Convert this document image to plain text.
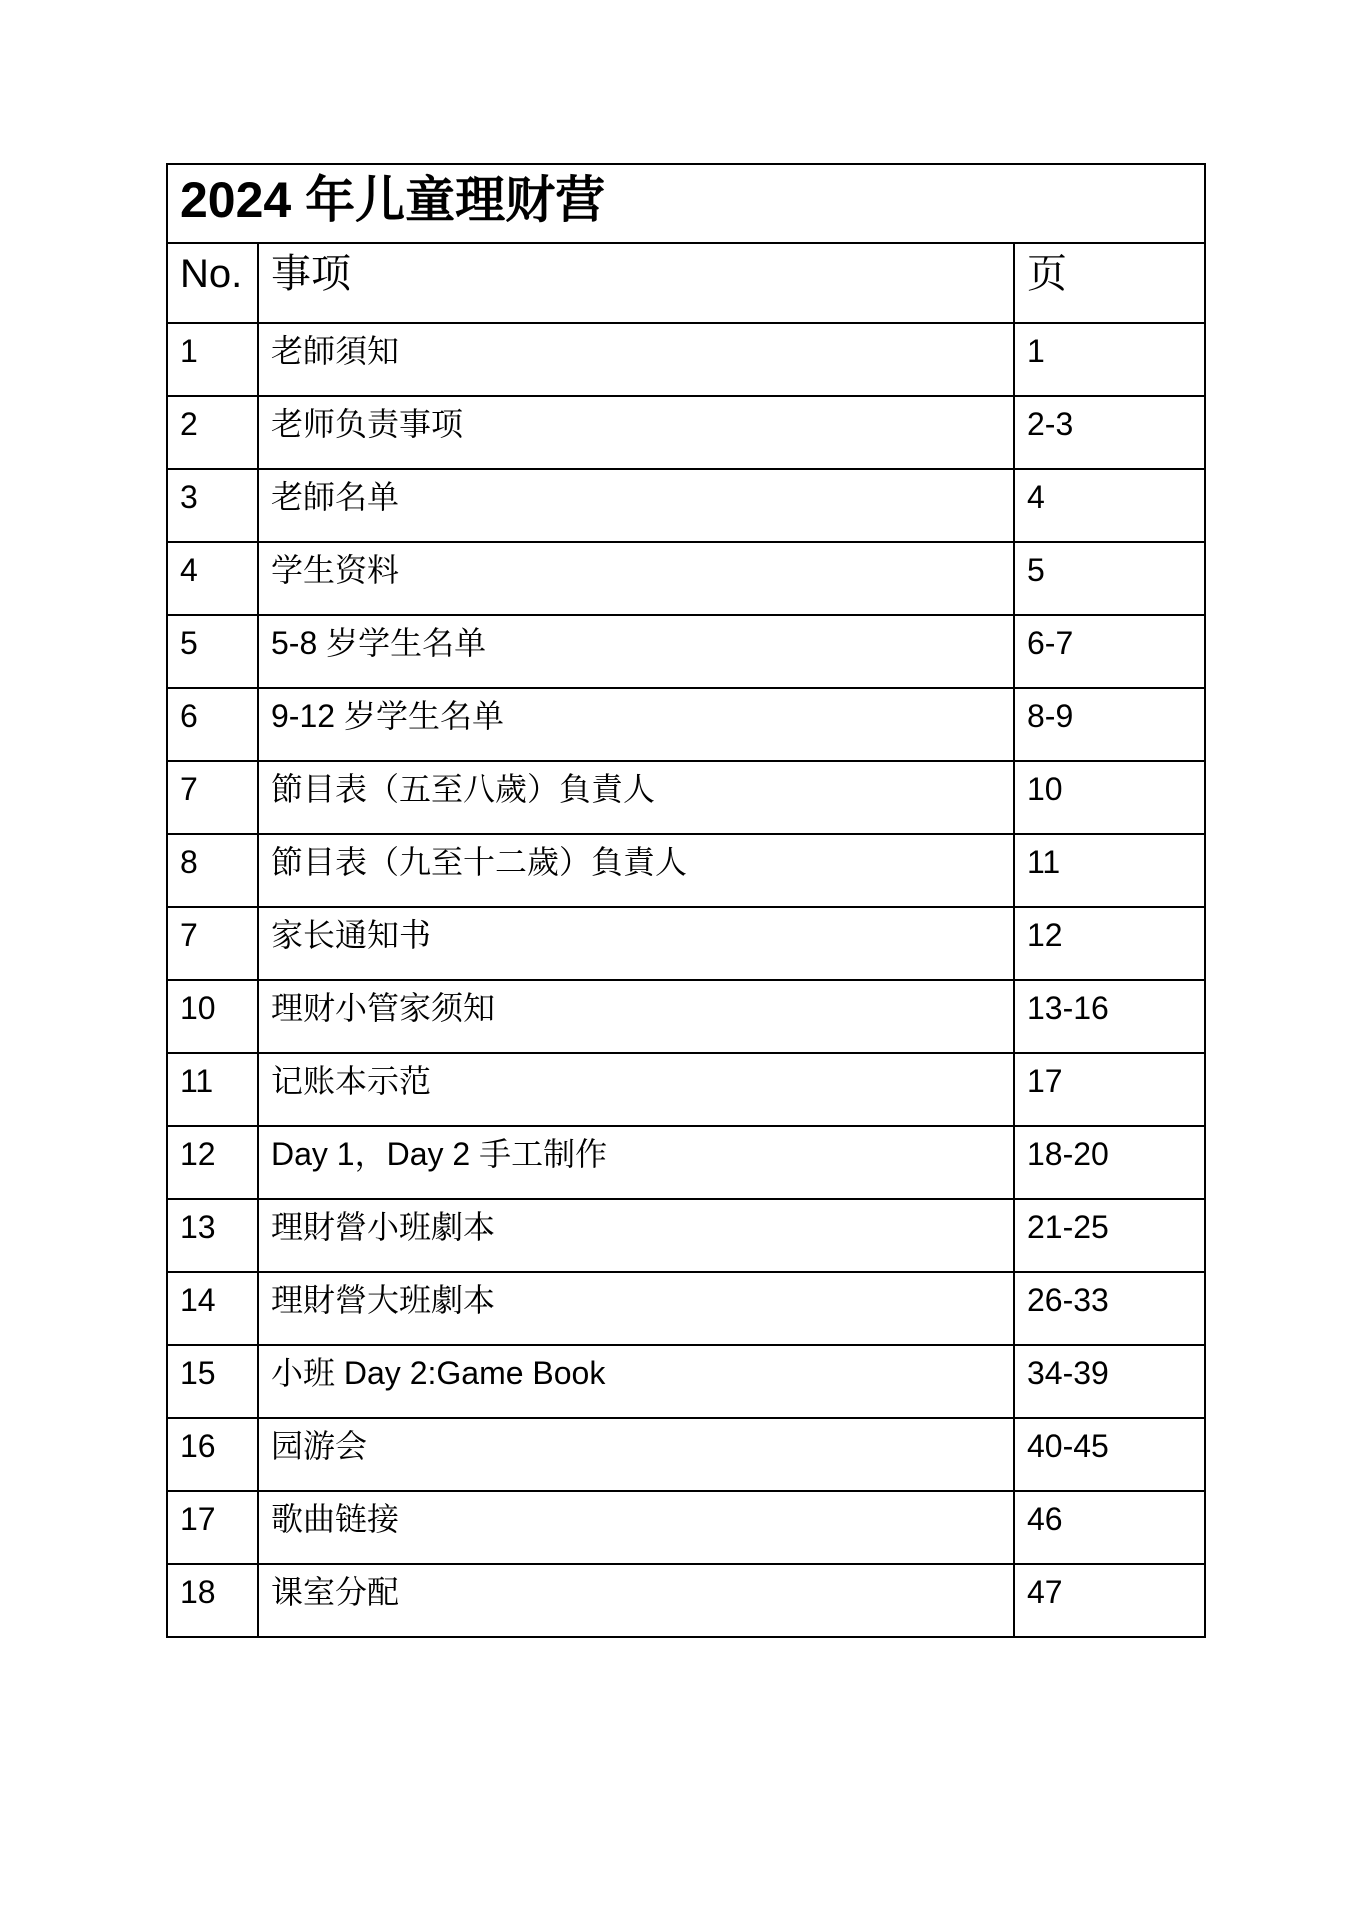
2024 年儿童理财营		
No.	事项	页
1	老師須知	1
2	老师负责事项	2-3
3	老師名单	4
4	学生资料	5
5	5-8 岁学生名单	6-7
6	9-12 岁学生名单	8-9
7	節目表（五至八歲）負責人	10
8	節目表（九至十二歲）負責人	11
7	家长通知书	12
10	理财小管家须知	13-16
11	记账本示范	17
12	Day 1，Day 2 手工制作	18-20
13	理財營小班劇本	21-25
14	理財營大班劇本	26-33
15	小班 Day 2:Game Book	34-39
16	园游会	40-45
17	歌曲链接	46
18	课室分配	47
